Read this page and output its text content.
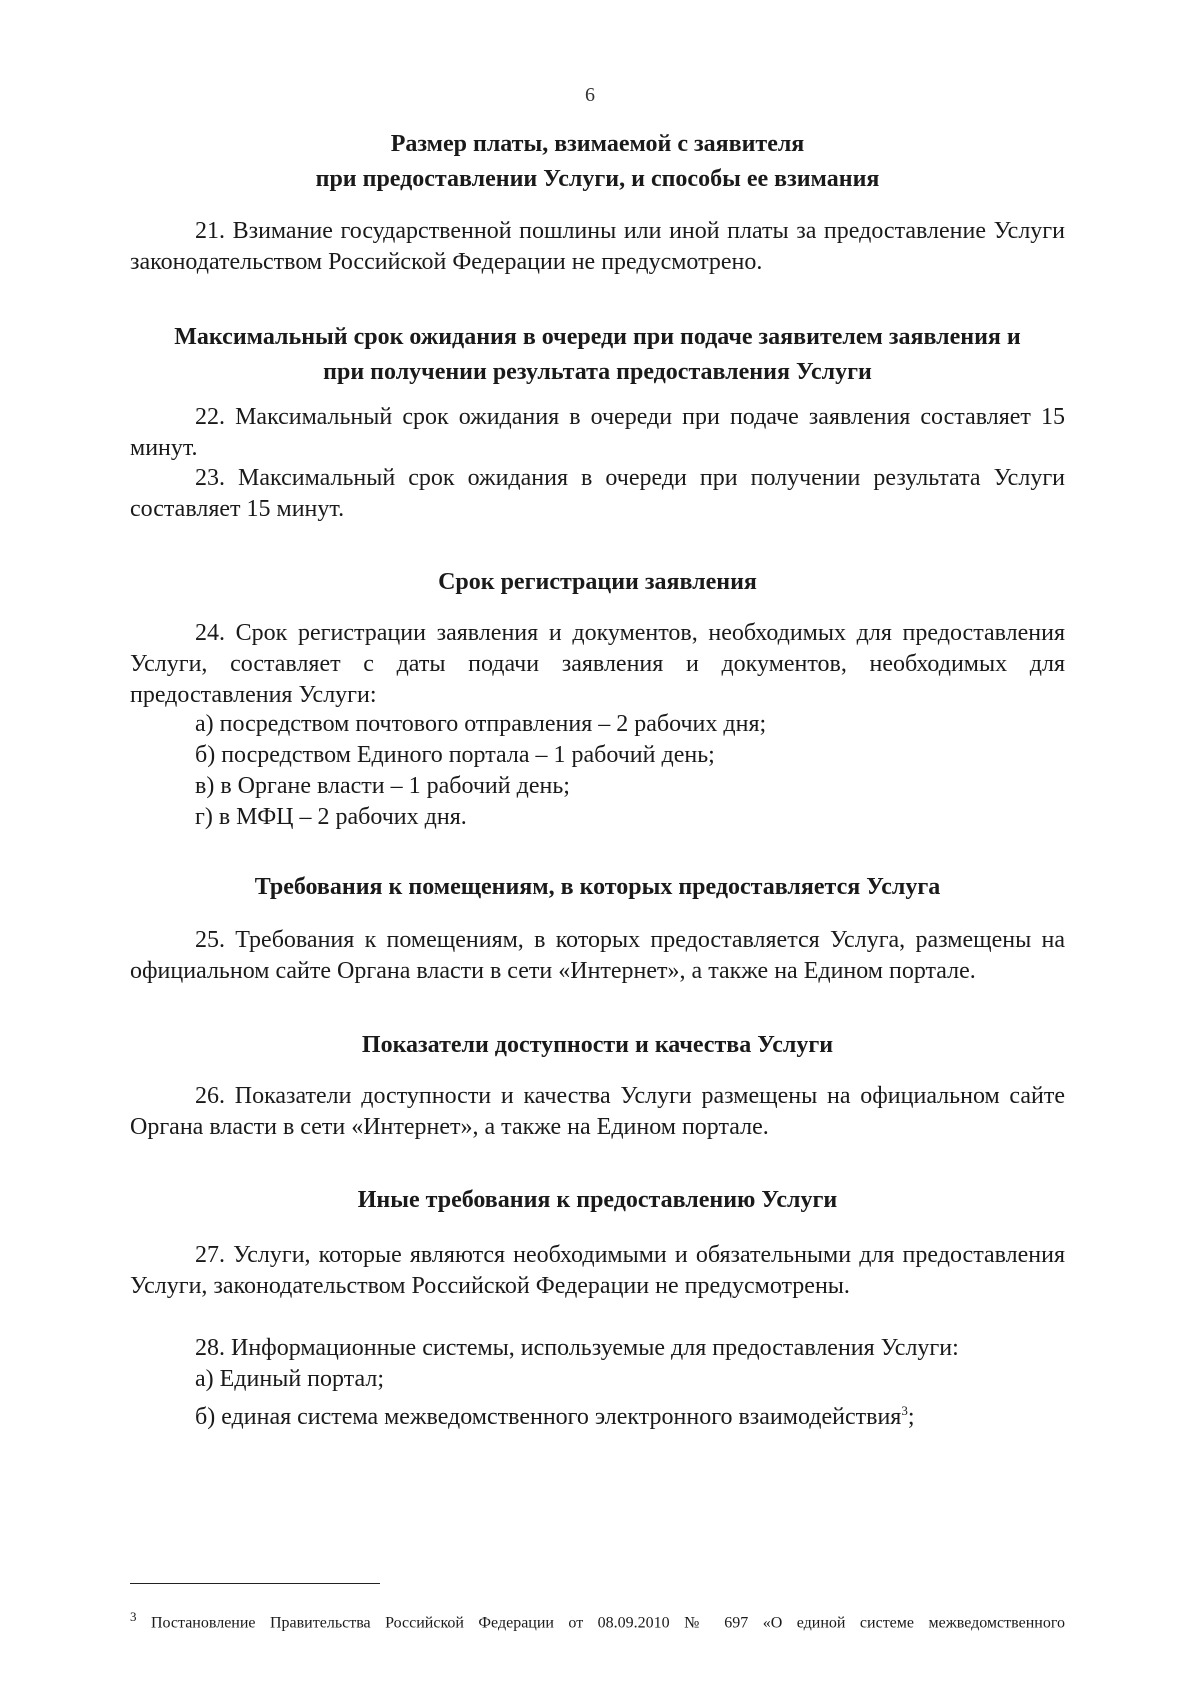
6
Размер платы, взимаемой с заявителя
при предоставлении Услуги, и способы ее взимания

21. Взимание государственной пошлины или иной платы за предоставление Услуги законодательством Российской Федерации не предусмотрено.

Максимальный срок ожидания в очереди при подаче заявителем заявления и
при получении результата предоставления Услуги

22. Максимальный срок ожидания в очереди при подаче заявления составляет 15 минут.

23. Максимальный срок ожидания в очереди при получении результата Услуги составляет 15 минут.

Срок регистрации заявления

24. Срок регистрации заявления и документов, необходимых для предоставления Услуги, составляет с даты подачи заявления и документов, необходимых для предоставления Услуги:

а) посредством почтового отправления – 2 рабочих дня;

б) посредством Единого портала – 1 рабочий день;

в) в Органе власти – 1 рабочий день;

г) в МФЦ – 2 рабочих дня.

Требования к помещениям, в которых предоставляется Услуга

25. Требования к помещениям, в которых предоставляется Услуга, размещены на официальном сайте Органа власти в сети «Интернет», а также на Едином портале.

Показатели доступности и качества Услуги

26. Показатели доступности и качества Услуги размещены на официальном сайте Органа власти в сети «Интернет», а также на Едином портале.

Иные требования к предоставлению Услуги

27. Услуги, которые являются необходимыми и обязательными для предоставления Услуги, законодательством Российской Федерации не предусмотрены.

28. Информационные системы, используемые для предоставления Услуги:

а) Единый портал;

б) единая система межведомственного электронного взаимодействия$^3$;

$^3$ Постановление Правительства Российской Федерации от 08.09.2010 № 697 «О единой системе межведомственного
